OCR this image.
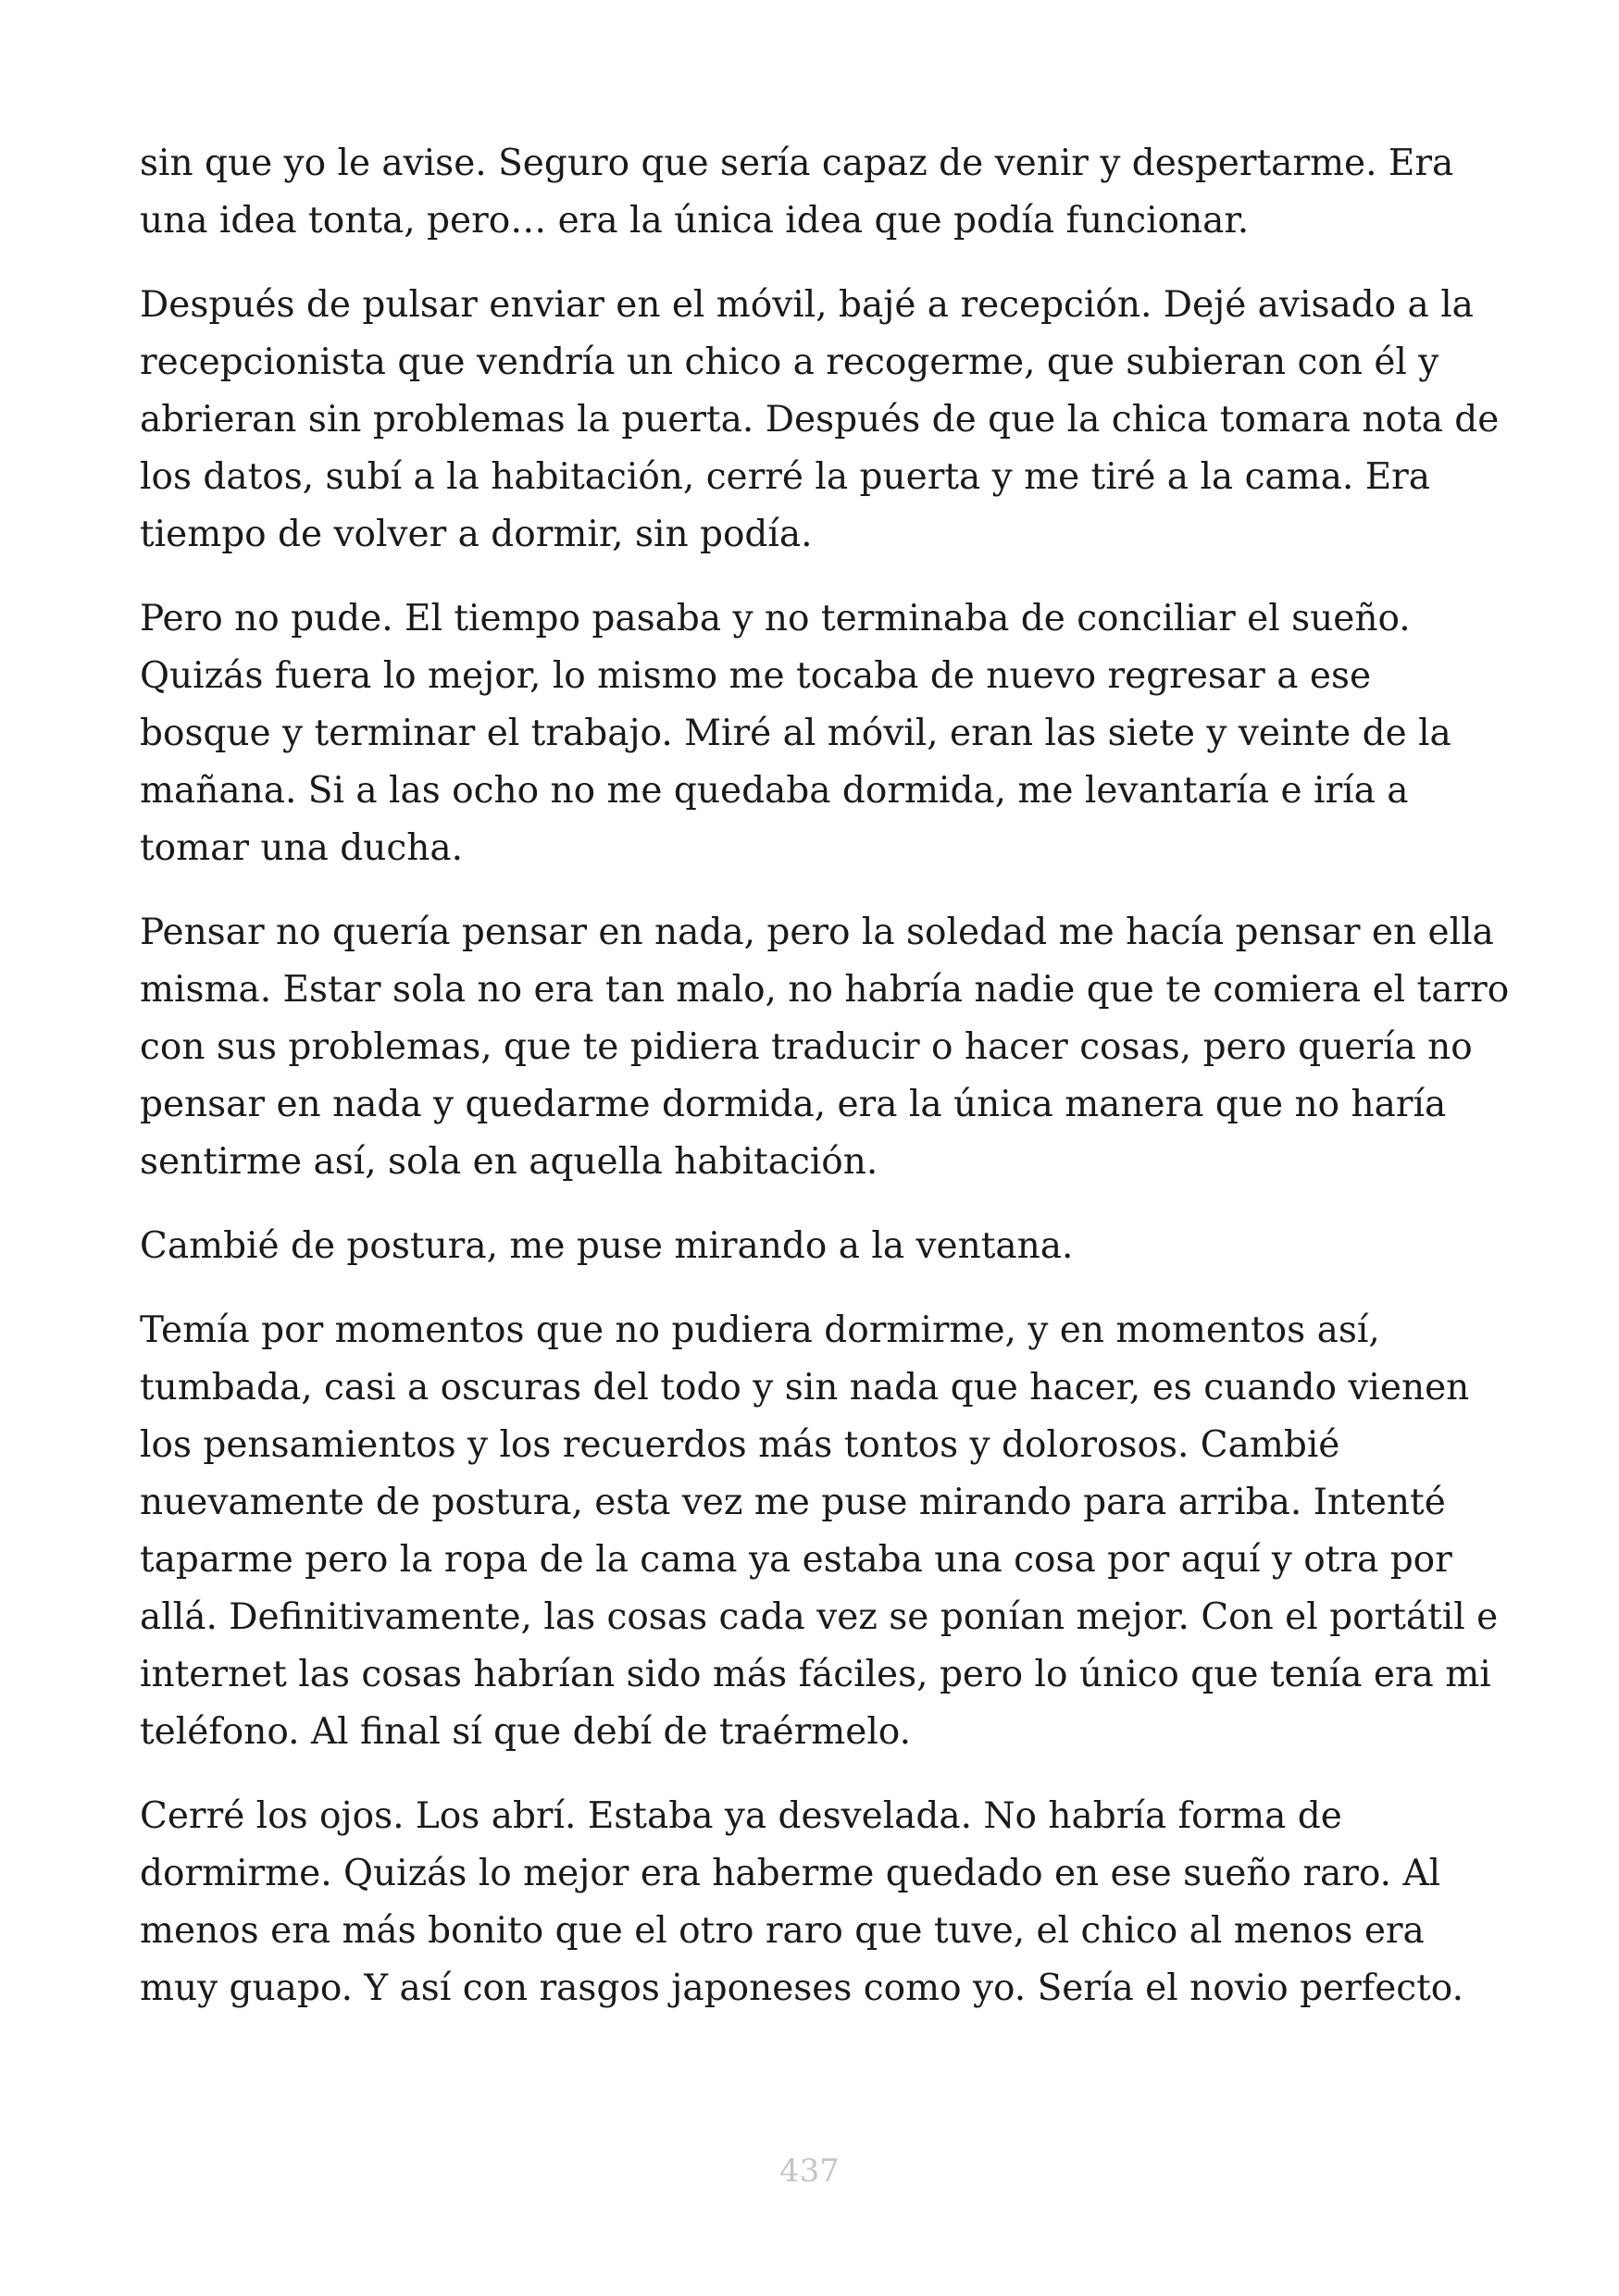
sin que yo le avise. Seguro que sería capaz de venir y despertarme. Era
una idea tonta, pero… era la única idea que podía funcionar.

Después de pulsar enviar en el móvil, bajé a recepción. Dejé avisado a la
recepcionista que vendría un chico a recogerme, que subieran con él y
abrieran sin problemas la puerta. Después de que la chica tomara nota de
los datos, subí a la habitación, cerré la puerta y me tiré a la cama. Era
tiempo de volver a dormir, sin podía.

Pero no pude. El tiempo pasaba y no terminaba de conciliar el sueño.
Quizás fuera lo mejor, lo mismo me tocaba de nuevo regresar a ese
bosque y terminar el trabajo. Miré al móvil, eran las siete y veinte de la
mañana. Si a las ocho no me quedaba dormida, me levantaría e iría a
tomar una ducha.

Pensar no quería pensar en nada, pero la soledad me hacía pensar en ella
misma. Estar sola no era tan malo, no habría nadie que te comiera el tarro
con sus problemas, que te pidiera traducir o hacer cosas, pero quería no
pensar en nada y quedarme dormida, era la única manera que no haría
sentirme así, sola en aquella habitación.

Cambié de postura, me puse mirando a la ventana.

Temía por momentos que no pudiera dormirme, y en momentos así,
tumbada, casi a oscuras del todo y sin nada que hacer, es cuando vienen
los pensamientos y los recuerdos más tontos y dolorosos. Cambié
nuevamente de postura, esta vez me puse mirando para arriba. Intenté
taparme pero la ropa de la cama ya estaba una cosa por aquí y otra por
allá. Definitivamente, las cosas cada vez se ponían mejor. Con el portátil e
internet las cosas habrían sido más fáciles, pero lo único que tenía era mi
teléfono. Al final sí que debí de traérmelo.

Cerré los ojos. Los abrí. Estaba ya desvelada. No habría forma de
dormirme. Quizás lo mejor era haberme quedado en ese sueño raro. Al
menos era más bonito que el otro raro que tuve, el chico al menos era
muy guapo. Y así con rasgos japoneses como yo. Sería el novio perfecto.

437
